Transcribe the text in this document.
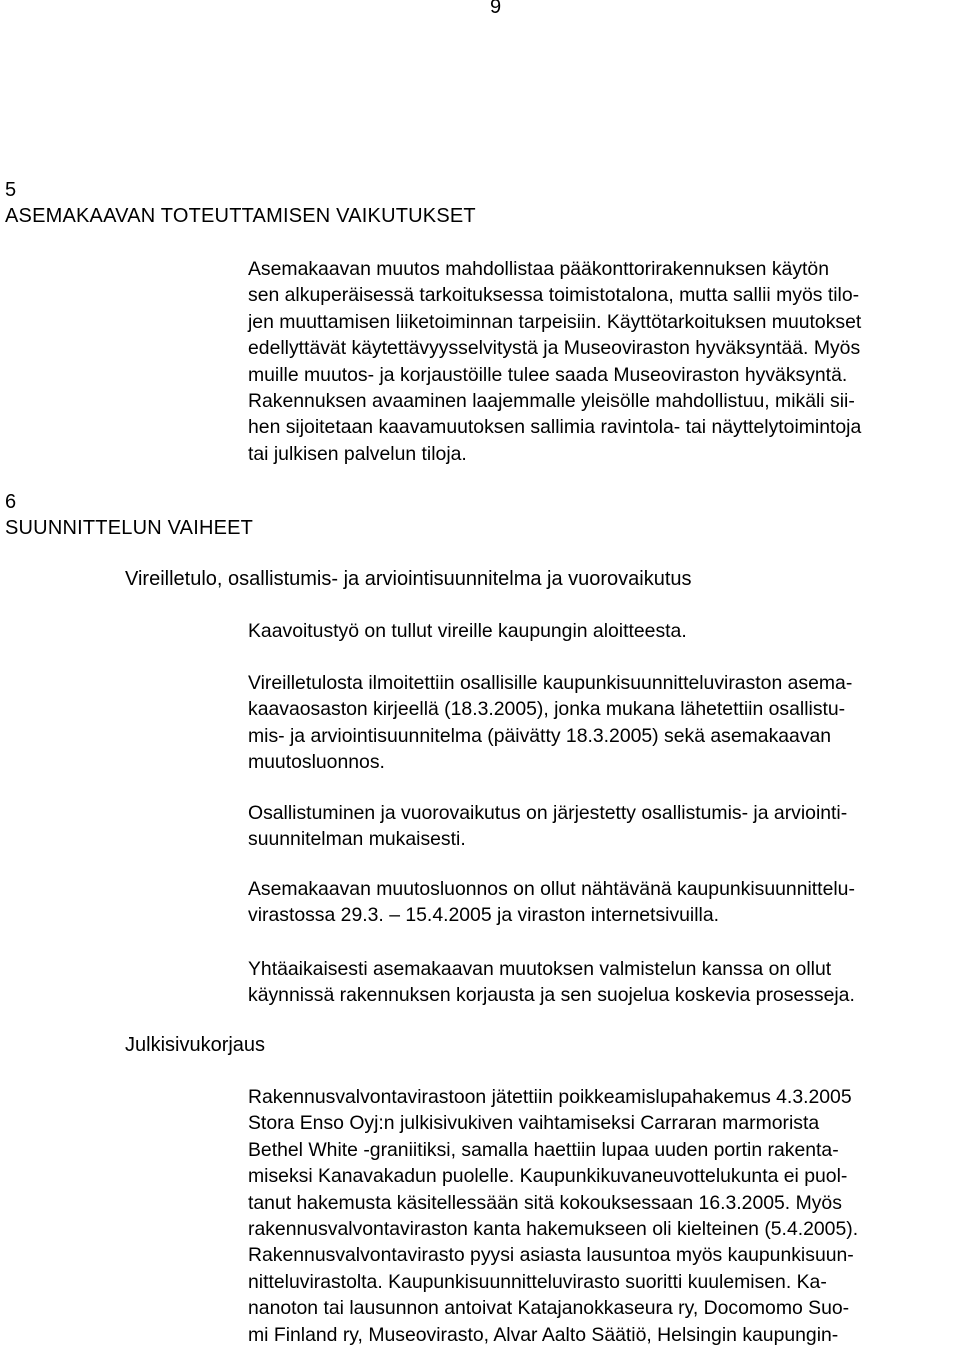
9
5
ASEMAKAAVAN TOTEUTTAMISEN VAIKUTUKSET
Asemakaavan muutos mahdollistaa pääkonttorirakennuksen käytön
sen alkuperäisessä tarkoituksessa toimistotalona, mutta sallii myös tilo-
jen muuttamisen liiketoiminnan tarpeisiin. Käyttötarkoituksen muutokset
edellyttävät käytettävyysselvitystä ja Museoviraston hyväksyntää. Myös
muille muutos- ja korjaustöille tulee saada Museoviraston hyväksyntä.
Rakennuksen avaaminen laajemmalle yleisölle mahdollistuu, mikäli sii-
hen sijoitetaan kaavamuutoksen sallimia ravintola- tai näyttelytoimintoja
tai julkisen palvelun tiloja.
6
SUUNNITTELUN VAIHEET
Vireilletulo, osallistumis- ja arviointisuunnitelma ja vuorovaikutus
Kaavoitustyö on tullut vireille kaupungin aloitteesta.
Vireilletulosta ilmoitettiin osallisille kaupunkisuunnitteluviraston asema-
kaavaosaston kirjeellä (18.3.2005), jonka mukana lähetettiin osallistu-
mis- ja arviointisuunnitelma (päivätty 18.3.2005) sekä asemakaavan
muutosluonnos.
Osallistuminen ja vuorovaikutus on järjestetty osallistumis- ja arviointi-
suunnitelman mukaisesti.
Asemakaavan muutosluonnos on ollut nähtävänä kaupunkisuunnittelu-
virastossa 29.3. – 15.4.2005 ja viraston internetsivuilla.
Yhtäaikaisesti asemakaavan muutoksen valmistelun kanssa on ollut
käynnissä rakennuksen korjausta ja sen suojelua koskevia prosesseja.
Julkisivukorjaus
Rakennusvalvontavirastoon jätettiin poikkeamislupahakemus 4.3.2005
Stora Enso Oyj:n julkisivukiven vaihtamiseksi Carraran marmorista
Bethel White -graniitiksi, samalla haettiin lupaa uuden portin rakenta-
miseksi Kanavakadun puolelle. Kaupunkikuvaneuvottelukunta ei puol-
tanut hakemusta käsitellessään sitä kokouksessaan 16.3.2005. Myös
rakennusvalvontaviraston kanta hakemukseen oli kielteinen (5.4.2005).
Rakennusvalvontavirasto pyysi asiasta lausuntoa myös kaupunkisuun-
nitteluvirastolta. Kaupunkisuunnitteluvirasto suoritti kuulemisen. Ka-
nanoton tai lausunnon antoivat Katajanokkaseura ry, Docomomo Suo-
mi Finland ry, Museovirasto, Alvar Aalto Säätiö, Helsingin kaupungin-
